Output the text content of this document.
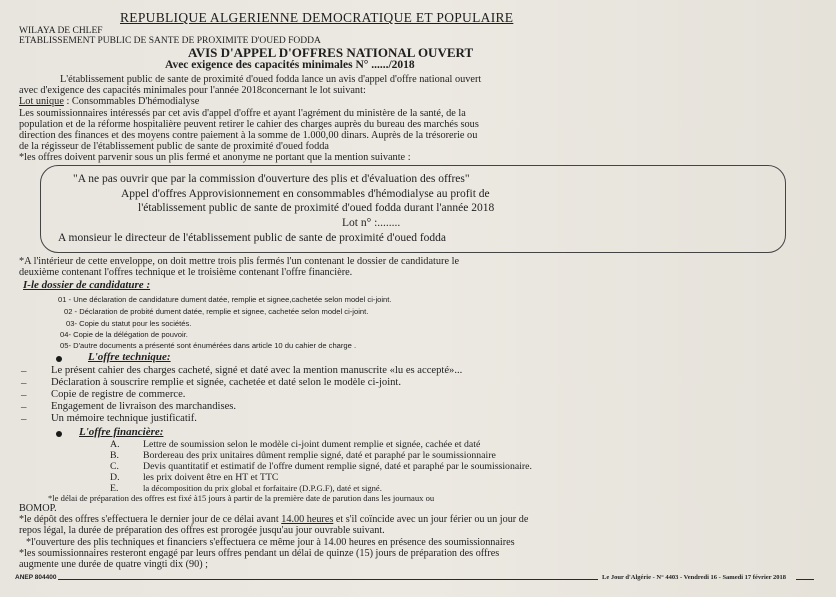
REPUBLIQUE ALGERIENNE DEMOCRATIQUE ET POPULAIRE
WILAYA DE CHLEF
ETABLISSEMENT PUBLIC DE SANTE DE PROXIMITE D'OUED FODDA
AVIS D'APPEL D'OFFRES NATIONAL OUVERT
Avec exigence des capacités minimales N° ....../2018
L'établissement public de sante de proximité d'oued fodda lance un avis d'appel d'offre national ouvert
avec d'exigence des capacités minimales pour l'année 2018concernant le lot suivant:
Lot unique : Consommables D'hémodialyse
Les soumissionnaires intéressés par cet avis d'appel d'offre et ayant l'agrément du ministère de la santé, de la
population et de la réforme hospitalière peuvent retirer le cahier des charges auprès du bureau des marchés sous
direction des finances et des moyens contre paiement à la somme de 1.000,00 dinars. Auprès de la trésorerie ou
de la régisseur de l'établissement public de sante de proximité d'oued fodda
*les offres doivent parvenir sous un plis fermé et anonyme ne portant que la mention suivante :
"A ne pas ouvrir que par la commission d'ouverture des plis et d'évaluation des offres"
Appel d'offres Approvisionnement en consommables d'hémodialyse au profit de
l'établissement public de sante de proximité d'oued fodda durant l'année 2018
Lot n° :........
A monsieur le directeur de l'établissement public de sante de proximité d'oued fodda
*A l'intérieur de cette enveloppe, on doit mettre trois plis fermés l'un contenant le dossier de candidature le
deuxième contenant l'offres technique et le troisième contenant l'offre financière.
I-le dossier de candidature :
01 - Une déclaration de candidature dument datée, remplie et signee,cachetée selon model ci-joint.
02 - Déclaration de probité dument datée, remplie et signee, cachetée selon model ci-joint.
03- Copie du statut pour les sociétés.
04- Copie de la délégation de pouvoir.
05- D'autre documents a présenté sont énumérées dans article 10 du cahier de charge .
L'offre technique:
– Le présent cahier des charges cacheté, signé et daté avec la mention manuscrite «lu es accepté»...
– Déclaration à souscrire remplie et signée, cachetée et daté selon le modèle ci-joint.
– Copie de registre de commerce.
– Engagement de livraison des marchandises.
– Un mémoire technique justificatif.
L'offre financière:
A. Lettre de soumission selon le modèle ci-joint dument remplie et signée, cachée et daté
B. Bordereau des prix unitaires dûment remplie signé, daté et paraphé par le soumissionnaire
C. Devis quantitatif et estimatif de l'offre dument remplie signé, daté et paraphé par le soumissionaire.
D. les prix doivent être en HT et TTC
E.	la décomposition du prix global et forfaitaire (D.P.G.F), daté et signé.
*le délai de préparation des offres est fixé à15 jours à partir de la première date de parution dans les journaux ou
BOMOP.
*le dépôt des offres s'effectuera le dernier jour de ce délai avant 14.00 heures et s'il coïncide avec un jour férier ou un jour de
repos légal, la durée de préparation des offres est prorogée jusqu'au jour ouvrable suivant.
*l'ouverture des plis techniques et financiers s'effectuera ce même jour à 14.00 heures en présence des soumissionnaires
*les soumissionnaires resteront engagé par leurs offres pendant un délai de quinze (15) jours de préparation des offres
augmente une durée de quatre vingti dix (90) ;
ANEP 804400	Le Jour d'Algérie - N° 4403 - Vendredi 16 - Samedi 17 février 2018
